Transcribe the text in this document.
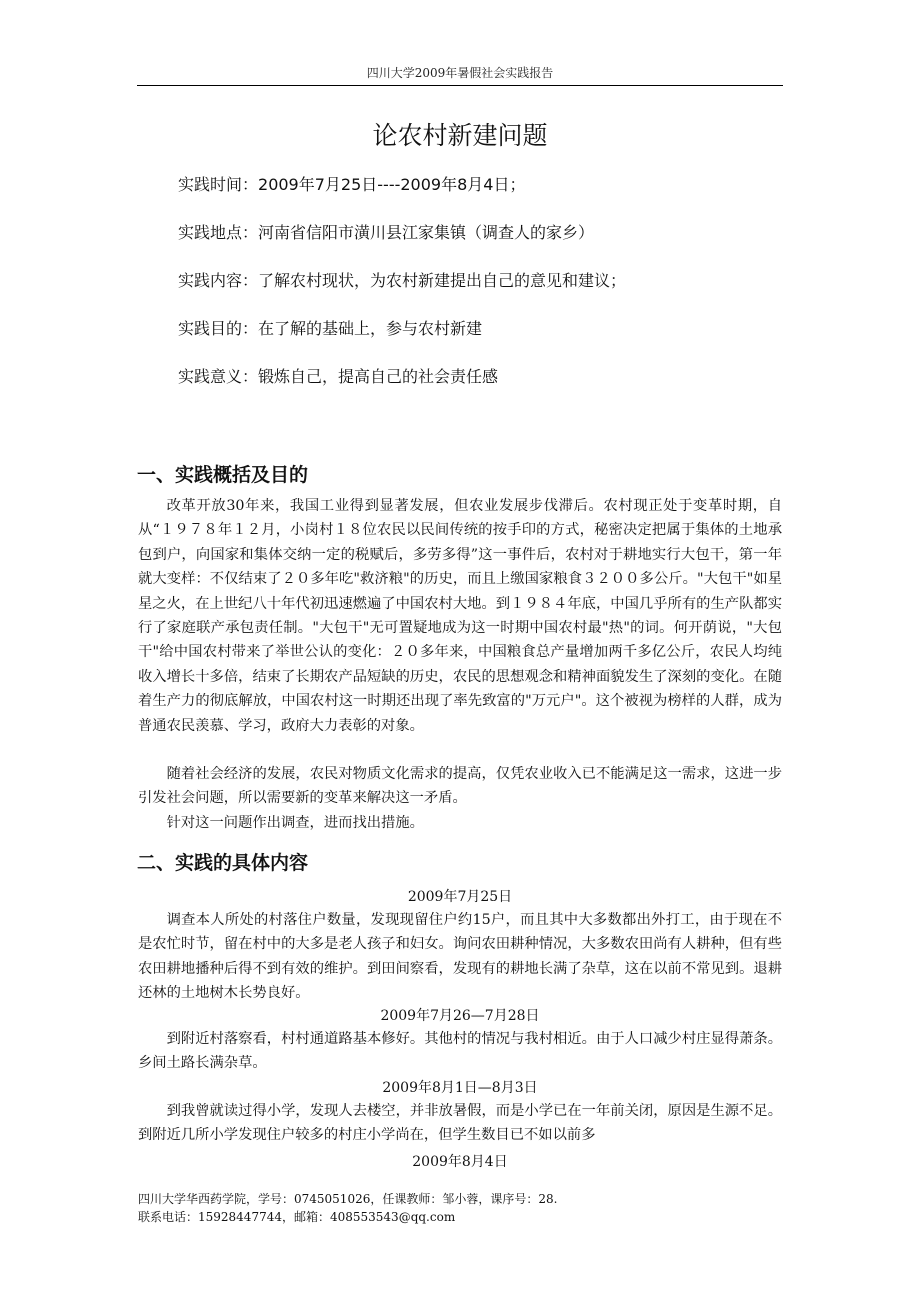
四川大学2009年暑假社会实践报告
论农村新建问题
实践时间：2009年7月25日----2009年8月4日；
实践地点：河南省信阳市潢川县江家集镇（调查人的家乡）
实践内容：了解农村现状，为农村新建提出自己的意见和建议；
实践目的：在了解的基础上，参与农村新建
实践意义：锻炼自己，提高自己的社会责任感
一、实践概括及目的

改革开放30年来，我国工业得到显著发展，但农业发展步伐滞后。农村现正处于变革时期，自从“１９７８年１２月，小岗村１８位农民以民间传统的按手印的方式，秘密决定把属于集体的土地承包到户，向国家和集体交纳一定的税赋后，多劳多得”这一事件后，农村对于耕地实行大包干，第一年就大变样：不仅结束了２０多年吃"救济粮"的历史，而且上缴国家粮食３２００多公斤。"大包干"如星星之火，在上世纪八十年代初迅速燃遍了中国农村大地。到１９８４年底，中国几乎所有的生产队都实行了家庭联产承包责任制。"大包干"无可置疑地成为这一时期中国农村最"热"的词。何开荫说，"大包干"给中国农村带来了举世公认的变化：２０多年来，中国粮食总产量增加两千多亿公斤，农民人均纯收入增长十多倍，结束了长期农产品短缺的历史，农民的思想观念和精神面貌发生了深刻的变化。在随着生产力的彻底解放，中国农村这一时期还出现了率先致富的"万元户"。这个被视为榜样的人群，成为普通农民羡慕、学习，政府大力表彰的对象。

随着社会经济的发展，农民对物质文化需求的提高，仅凭农业收入已不能满足这一需求，这进一步引发社会问题，所以需要新的变革来解决这一矛盾。

针对这一问题作出调查，进而找出措施。

二、实践的具体内容
2009年7月25日

调查本人所处的村落住户数量，发现现留住户约15户，而且其中大多数都出外打工，由于现在不是农忙时节，留在村中的大多是老人孩子和妇女。询问农田耕种情况，大多数农田尚有人耕种，但有些农田耕地播种后得不到有效的维护。到田间察看，发现有的耕地长满了杂草，这在以前不常见到。退耕还林的土地树木长势良好。

2009年7月26—7月28日

到附近村落察看，村村通道路基本修好。其他村的情况与我村相近。由于人口减少村庄显得萧条。乡间土路长满杂草。

2009年8月1日—8月3日

到我曾就读过得小学，发现人去楼空，并非放暑假，而是小学已在一年前关闭，原因是生源不足。到附近几所小学发现住户较多的村庄小学尚在，但学生数目已不如以前多

2009年8月4日
四川大学华西药学院，学号：0745051026，任课教师：邹小蓉，课序号：28.
联系电话：15928447744，邮箱：408553543@qq.com
